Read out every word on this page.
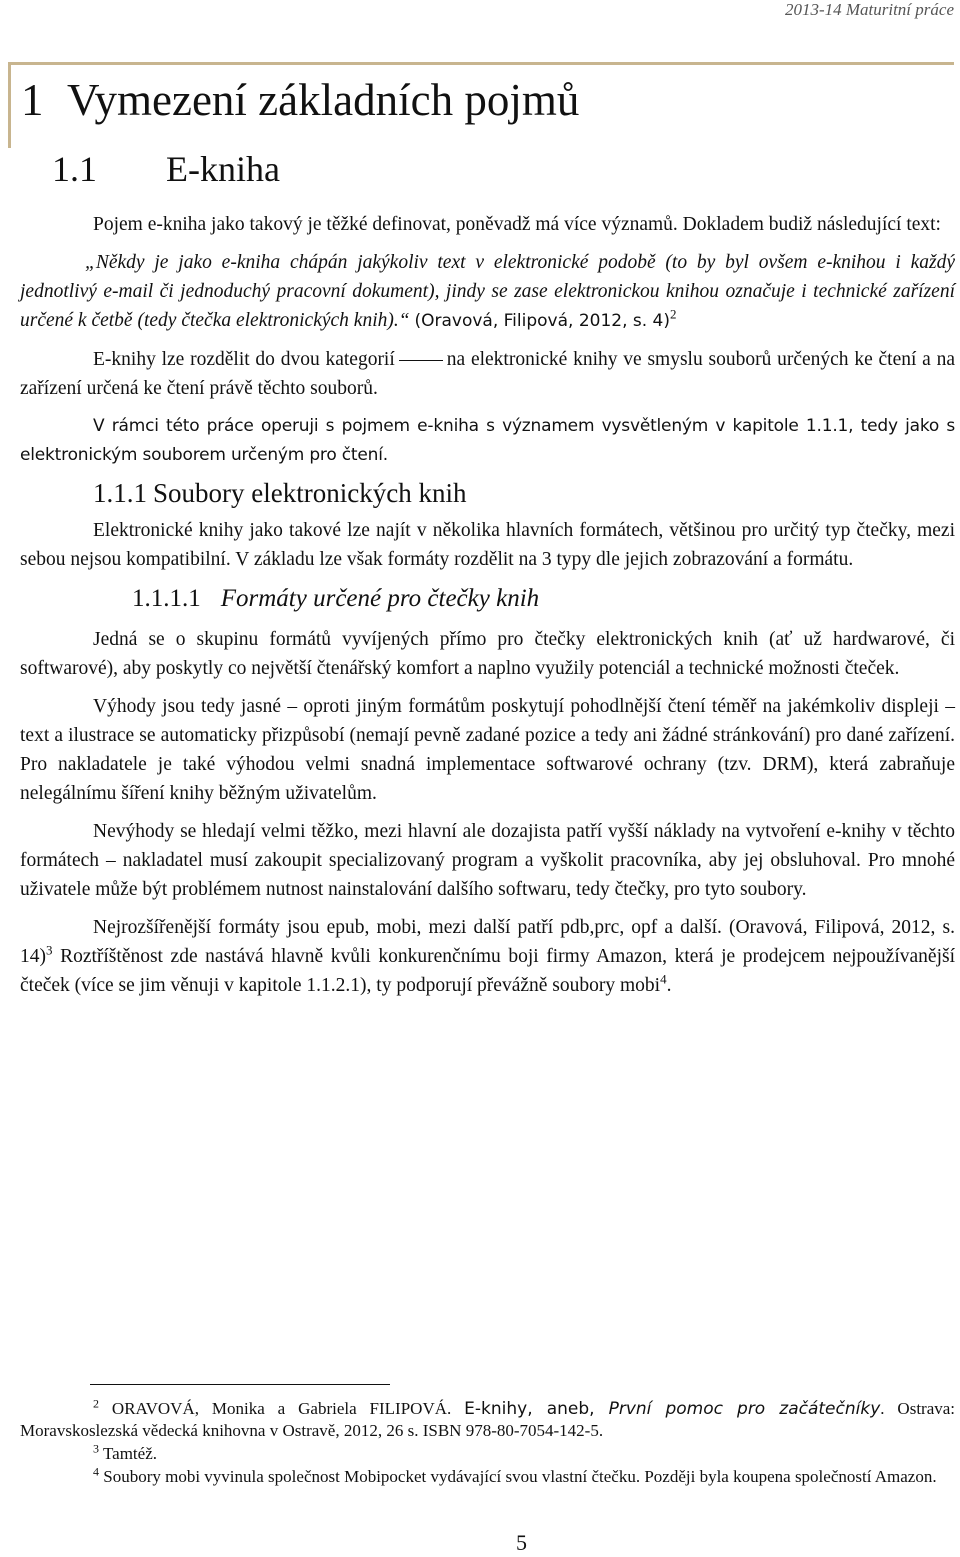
2013-14 Maturitní práce
1 Vymezení základních pojmů
1.1 E-kniha

Pojem e-kniha jako takový je těžké definovat, poněvadž má více významů. Dokladem budiž následující text:

„Někdy je jako e-kniha chápán jakýkoliv text v elektronické podobě (to by byl ovšem e-knihou i každý jednotlivý e-mail či jednoduchý pracovní dokument), jindy se zase elektronickou knihou označuje i technické zařízení určené k četbě (tedy čtečka elektronických knih).“ (Oravová, Filipová, 2012, s. 4)$^2$

E-knihy lze rozdělit do dvou kategorií	na elektronické knihy ve smyslu souborů určených ke čtení a na zařízení určená ke čtení právě těchto souborů.

V rámci této práce operuji s pojmem e-kniha s významem vysvětleným v kapitole 1.1.1, tedy jako s elektronickým souborem určeným pro čtení.

1.1.1 Soubory elektronických knih

Elektronické knihy jako takové lze najít v několika hlavních formátech, většinou pro určitý typ čtečky, mezi sebou nejsou kompatibilní. V základu lze však formáty rozdělit na 3 typy dle jejich zobrazování a formátu.

1.1.1.1 Formáty určené pro čtečky knih

Jedná se o skupinu formátů vyvíjených přímo pro čtečky elektronických knih (ať už hardwarové, či softwarové), aby poskytly co největší čtenářský komfort a naplno využily potenciál a technické možnosti čteček.

Výhody jsou tedy jasné – oproti jiným formátům poskytují pohodlnější čtení téměř na jakémkoliv displeji – text a ilustrace se automaticky přizpůsobí (nemají pevně zadané pozice a tedy ani žádné stránkování) pro dané zařízení. Pro nakladatele je také výhodou velmi snadná implementace softwarové ochrany (tzv. DRM), která zabraňuje nelegálnímu šíření knihy běžným uživatelům.

Nevýhody se hledají velmi těžko, mezi hlavní ale dozajista patří vyšší náklady na vytvoření e-knihy v těchto formátech – nakladatel musí zakoupit specializovaný program a vyškolit pracovníka, aby jej obsluhoval. Pro mnohé uživatele může být problémem nutnost nainstalování dalšího softwaru, tedy čtečky, pro tyto soubory.

Nejrozšířenější formáty jsou epub, mobi, mezi další patří pdb,prc, opf a další. (Oravová, Filipová, 2012, s. 14)$^3$ Roztříštěnost zde nastává hlavně kvůli konkurenčnímu boji firmy Amazon, která je prodejcem nejpoužívanější čteček (více se jim věnuji v kapitole 1.1.2.1), ty podporují převážně soubory mobi$^4$.

$^2$ ORAVOVÁ, Monika a Gabriela FILIPOVÁ. E-knihy, aneb, První pomoc pro začátečníky. Ostrava: Moravskoslezská vědecká knihovna v Ostravě, 2012, 26 s. ISBN 978-80-7054-142-5.
$^3$ Tamtéž.
$^4$ Soubory mobi vyvinula společnost Mobipocket vydávající svou vlastní čtečku. Později byla koupena společností Amazon.
5
